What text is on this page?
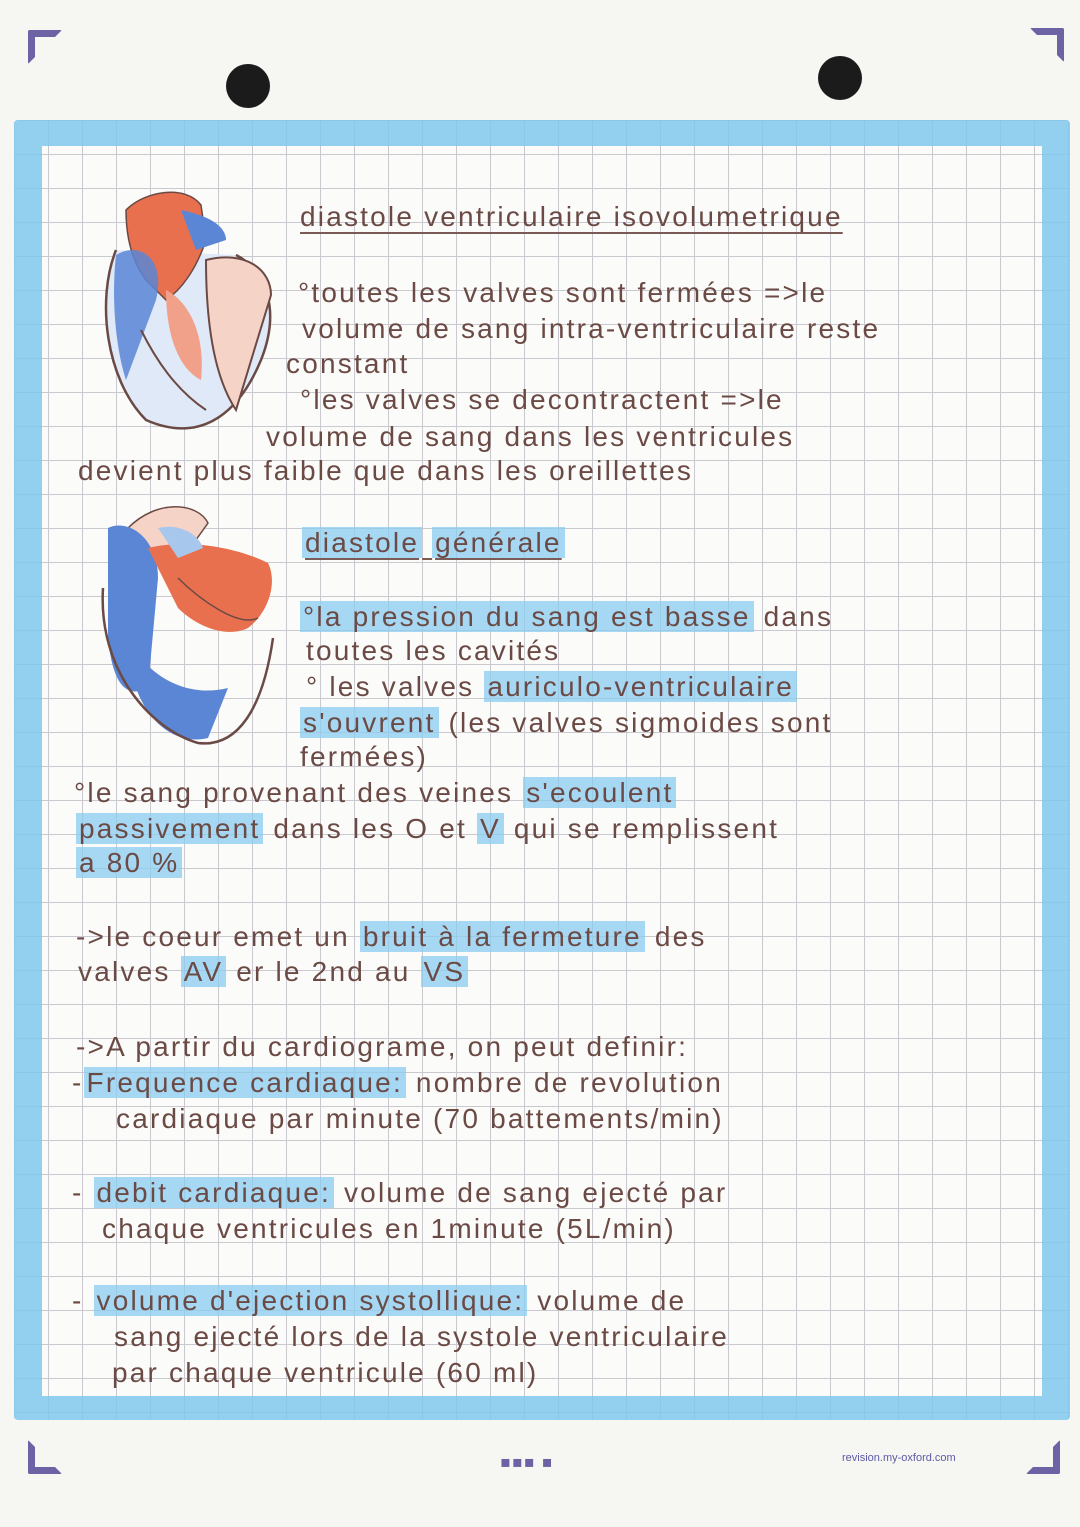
diastole ventriculaire isovolumetrique
°toutes les valves sont fermées =>le
volume de sang intra-ventriculaire reste
constant
°les valves se decontractent =>le
volume de sang dans les ventricules
devient plus faible que dans les oreillettes
diastole générale
°la pression du sang est basse dans
toutes les cavités
° les valves auriculo-ventriculaire
s'ouvrent (les valves sigmoides sont
fermées)
°le sang provenant des veines s'ecoulent
passivement dans les O et V qui se remplissent
a 80 %
->le coeur emet un bruit à la fermeture des
valves AV er le 2nd au VS
->A partir du cardiograme, on peut definir:
- Frequence cardiaque: nombre de revolution
cardiaque par minute (70 battements/min)
- debit cardiaque: volume de sang ejecté par
chaque ventricules en 1minute (5L/min)
- volume d'ejection systollique: volume de
sang ejecté lors de la systole ventriculaire
par chaque ventricule (60 ml)
▪▪▪ ▪	revision.my-oxford.com
